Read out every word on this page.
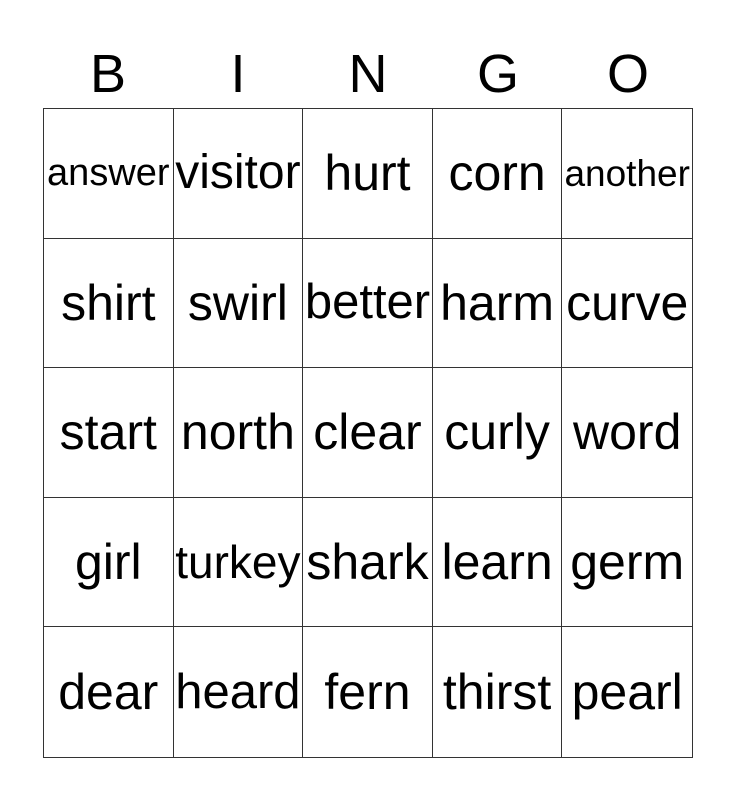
B	I	N	G	O
answer visitor hurt corn another
shirt swirl better harm curve
start north clear curly word
girl turkey shark learn germ
dear heard fern thirst pearl
